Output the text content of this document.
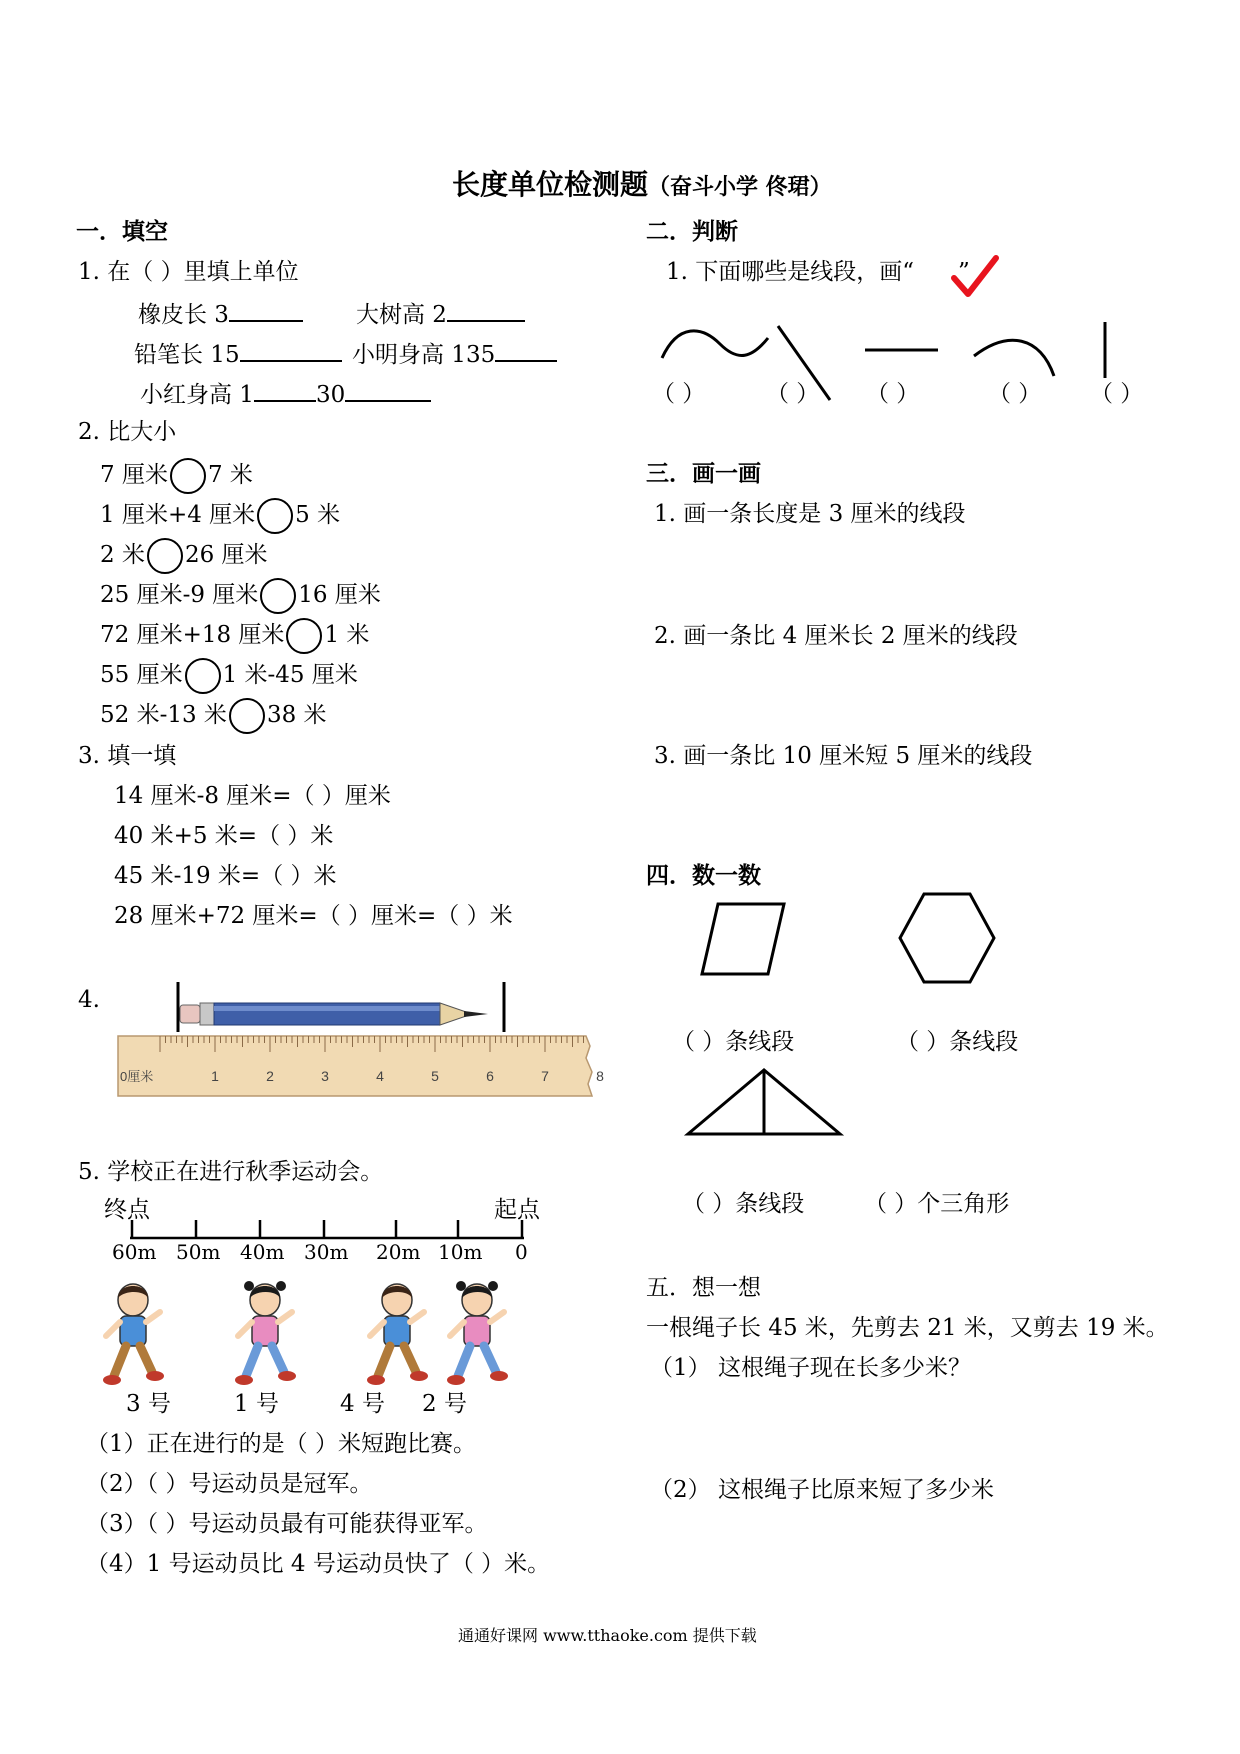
长度单位检测题（奋斗小学 佟珺）
一．填空
1. 在（ ）里填上单位
橡皮长 3	大树高 2
铅笔长 15	小明身高 135
小红身高 1	30
2. 比大小
7 厘米 7 米
1 厘米+4 厘米 5 米
2 米 26 厘米
25 厘米-9 厘米 16 厘米
72 厘米+18 厘米 1 米
55 厘米 1 米-45 厘米
52 米-13 米 38 米
3. 填一填
14 厘米-8 厘米=（ ）厘米
40 米+5 米=（ ）米
45 米-19 米=（ ）米
28 厘米+72 厘米=（ ）厘米=（ ）米
4.
0厘米	1	2	3	4	5	6	7	8
5. 学校正在进行秋季运动会。
终点	起点
60m 50m 40m 30m 20m 10m 0
3 号	1 号	4 号 2 号
（1）正在进行的是（ ）米短跑比赛。
（2）（ ）号运动员是冠军。
（3）（ ）号运动员最有可能获得亚军。
（4）1 号运动员比 4 号运动员快了（ ）米。
二．判断
1. 下面哪些是线段，画“ ”
（ ）	（ ） （ ）	（ ） （ ）
三．画一画
1. 画一条长度是 3 厘米的线段
2. 画一条比 4 厘米长 2 厘米的线段
3. 画一条比 10 厘米短 5 厘米的线段
四．数一数
（ ）条线段	（ ）条线段
（ ）条线段	（ ）个三角形
五．想一想
一根绳子长 45 米，先剪去 21 米，又剪去 19 米。
（1） 这根绳子现在长多少米？
（2） 这根绳子比原来短了多少米
通通好课网 www.tthaoke.com 提供下载
